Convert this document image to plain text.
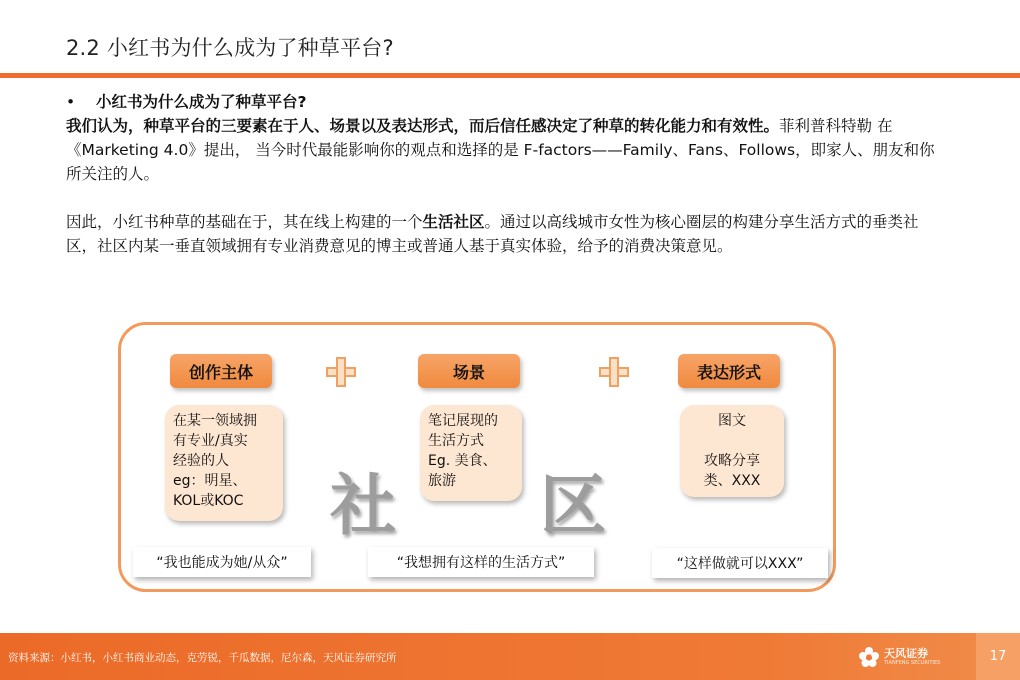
2.2 小红书为什么成为了种草平台?

•	小红书为什么成为了种草平台?

我们认为，种草平台的三要素在于人、场景以及表达形式，而后信任感决定了种草的转化能力和有效性。菲利普科特勒 在《Marketing 4.0》提出， 当今时代最能影响你的观点和选择的是 F-factors——Family、Fans、Follows，即家人、朋友和你所关注的人。

因此，小红书种草的基础在于，其在线上构建的一个生活社区。通过以高线城市女性为核心圈层的构建分享生活方式的垂类社区，社区内某一垂直领域拥有专业消费意见的博主或普通人基于真实体验，给予的消费决策意见。

创作主体	场景	表达形式
在某一领域拥
有专业/真实
经验的人
eg：明星、
KOL或KOC
笔记展现的
生活方式
Eg. 美食、
旅游
图文

攻略分享
类、XXX
社 区
“我也能成为她/从众”	“我想拥有这样的生活方式”	“这样做就可以XXX”
资料来源：小红书，小红书商业动态，克劳锐，千瓜数据，尼尔森，天风证券研究所	天风证券
TIANFENG SECURITIES	17
